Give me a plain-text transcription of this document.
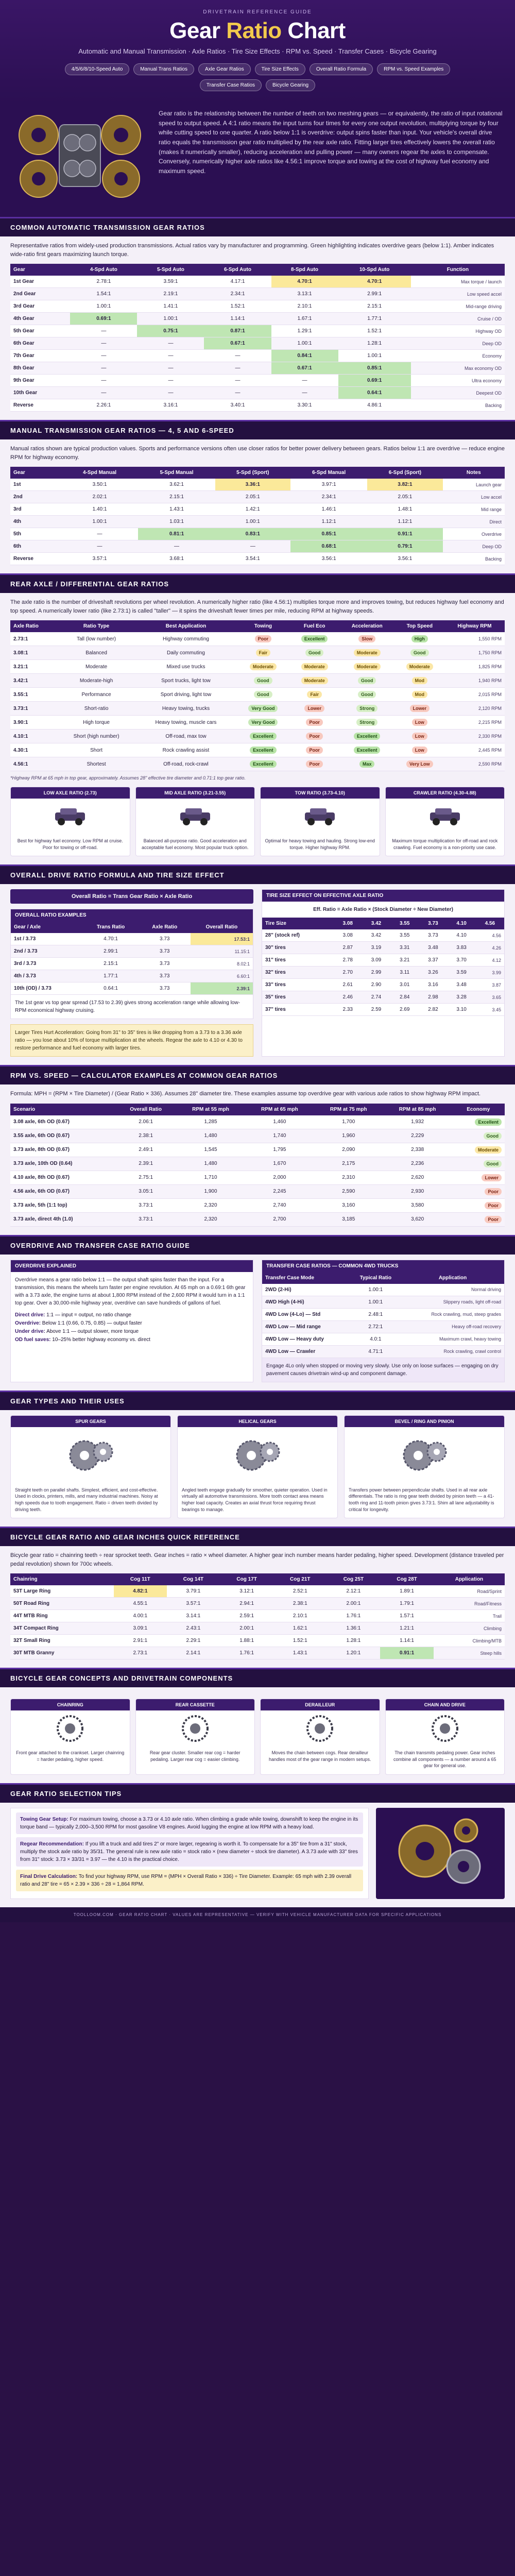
DRIVETRAIN REFERENCE GUIDE
Gear Ratio Chart
Automatic and Manual Transmission · Axle Ratios · Tire Size Effects · RPM vs. Speed · Transfer Cases · Bicycle Gearing
4/5/6/8/10-Speed Auto	Manual Trans Ratios	Axle Gear Ratios	Tire Size Effects	Overall Ratio Formula	RPM vs. Speed Examples
Transfer Case Ratios	Bicycle Gearing
Gear ratio is the relationship between the number of teeth on two meshing gears — or equivalently, the ratio of input rotational speed to output speed. A 4:1 ratio means the input turns four times for every one output revolution, multiplying torque by four while cutting speed to one quarter. A ratio below 1:1 is overdrive: output spins faster than input. Your vehicle's overall drive ratio equals the transmission gear ratio multiplied by the rear axle ratio. Fitting larger tires effectively lowers the overall ratio (makes it numerically smaller), reducing acceleration and pulling power — many owners regear the axles to compensate. Conversely, numerically higher axle ratios like 4.56:1 improve torque and towing at the cost of highway fuel economy and maximum speed.
COMMON AUTOMATIC TRANSMISSION GEAR RATIOS

Representative ratios from widely-used production transmissions. Actual ratios vary by manufacturer and programming. Green highlighting indicates overdrive gears (below 1:1). Amber indicates wide-ratio first gears maximizing launch torque.

Gear	4-Spd Auto	5-Spd Auto	6-Spd Auto	8-Spd Auto	10-Spd Auto	Function
1st Gear	2.78:1	3.59:1	4.17:1	4.70:1	4.70:1	Max torque / launch
2nd Gear	1.54:1	2.19:1	2.34:1	3.13:1	2.99:1	Low speed accel
3rd Gear	1.00:1	1.41:1	1.52:1	2.10:1	2.15:1	Mid-range driving
4th Gear	0.69:1	1.00:1	1.14:1	1.67:1	1.77:1	Cruise / OD
5th Gear	—	0.75:1	0.87:1	1.29:1	1.52:1	Highway OD
6th Gear	—	—	0.67:1	1.00:1	1.28:1	Deep OD
7th Gear	—	—	—	0.84:1	1.00:1	Economy
8th Gear	—	—	—	0.67:1	0.85:1	Max economy OD
9th Gear	—	—	—	—	0.69:1	Ultra economy
10th Gear	—	—	—	—	0.64:1	Deepest OD
Reverse	2.26:1	3.16:1	3.40:1	3.30:1	4.86:1	Backing
MANUAL TRANSMISSION GEAR RATIOS — 4, 5 AND 6-SPEED

Manual ratios shown are typical production values. Sports and performance versions often use closer ratios for better power delivery between gears. Ratios below 1:1 are overdrive — reduce engine RPM for highway economy.

Gear	4-Spd Manual	5-Spd Manual	5-Spd (Sport)	6-Spd Manual	6-Spd (Sport)	Notes
1st	3.50:1	3.62:1	3.36:1	3.97:1	3.82:1	Launch gear
2nd	2.02:1	2.15:1	2.05:1	2.34:1	2.05:1	Low accel
3rd	1.40:1	1.43:1	1.42:1	1.46:1	1.48:1	Mid range
4th	1.00:1	1.03:1	1.00:1	1.12:1	1.12:1	Direct
5th	—	0.81:1	0.83:1	0.85:1	0.91:1	Overdrive
6th	—	—	—	0.68:1	0.79:1	Deep OD
Reverse	3.57:1	3.68:1	3.54:1	3.56:1	3.56:1	Backing
REAR AXLE / DIFFERENTIAL GEAR RATIOS

The axle ratio is the number of driveshaft revolutions per wheel revolution. A numerically higher ratio (like 4.56:1) multiplies torque more and improves towing, but reduces highway fuel economy and top speed. A numerically lower ratio (like 2.73:1) is called "taller" — it spins the driveshaft fewer times per mile, reducing RPM at highway speeds.

Axle Ratio	Ratio Type	Best Application	Towing	Fuel Eco	Acceleration	Top Speed	Highway RPM
2.73:1	Tall (low number)	Highway commuting	Poor	Excellent	Slow	High	1,550 RPM
3.08:1	Balanced	Daily commuting	Fair	Good	Moderate	Good	1,750 RPM
3.21:1	Moderate	Mixed use trucks	Moderate	Moderate	Moderate	Moderate	1,825 RPM
3.42:1	Moderate-high	Sport trucks, light tow	Good	Moderate	Good	Mod	1,940 RPM
3.55:1	Performance	Sport driving, light tow	Good	Fair	Good	Mod	2,015 RPM
3.73:1	Short-ratio	Heavy towing, trucks	Very Good	Lower	Strong	Lower	2,120 RPM
3.90:1	High torque	Heavy towing, muscle cars	Very Good	Poor	Strong	Low	2,215 RPM
4.10:1	Short (high number)	Off-road, max tow	Excellent	Poor	Excellent	Low	2,330 RPM
4.30:1	Short	Rock crawling assist	Excellent	Poor	Excellent	Low	2,445 RPM
4.56:1	Shortest	Off-road, rock-crawl	Excellent	Poor	Max	Very Low	2,590 RPM

*Highway RPM at 65 mph in top gear, approximately. Assumes 28" effective tire diameter and 0.71:1 top gear ratio.

LOW AXLE RATIO (2.73)
Best for highway fuel economy. Low RPM at cruise. Poor for towing or off-road.
MID AXLE RATIO (3.21-3.55)
Balanced all-purpose ratio. Good acceleration and acceptable fuel economy. Most popular truck option.
TOW RATIO (3.73-4.10)
Optimal for heavy towing and hauling. Strong low-end torque. Higher highway RPM.
CRAWLER RATIO (4.30-4.88)
Maximum torque multiplication for off-road and rock crawling. Fuel economy is a non-priority use case.
OVERALL DRIVE RATIO FORMULA AND TIRE SIZE EFFECT
Overall Ratio = Trans Gear Ratio × Axle Ratio
OVERALL RATIO EXAMPLES
Gear / Axle	Trans Ratio	Axle Ratio	Overall Ratio
1st / 3.73	4.70:1	3.73	17.53:1
2nd / 3.73	2.99:1	3.73	11.15:1
3rd / 3.73	2.15:1	3.73	8.02:1
4th / 3.73	1.77:1	3.73	6.60:1
10th (OD) / 3.73	0.64:1	3.73	2.39:1

The 1st gear vs top gear spread (17.53 to 2.39) gives strong acceleration range while allowing low-RPM economical highway cruising.

Larger Tires Hurt Acceleration: Going from 31" to 35" tires is like dropping from a 3.73 to a 3.36 axle ratio — you lose about 10% of torque multiplication at the wheels. Regear the axle to 4.10 or 4.30 to restore performance and fuel economy with larger tires.
TIRE SIZE EFFECT ON EFFECTIVE AXLE RATIO
Eff. Ratio = Axle Ratio × (Stock Diameter ÷ New Diameter)
Tire Size	3.08	3.42	3.55	3.73	4.10	4.56
28" (stock ref)	3.08	3.42	3.55	3.73	4.10	4.56
30" tires	2.87	3.19	3.31	3.48	3.83	4.26
31" tires	2.78	3.09	3.21	3.37	3.70	4.12
32" tires	2.70	2.99	3.11	3.26	3.59	3.99
33" tires	2.61	2.90	3.01	3.16	3.48	3.87
35" tires	2.46	2.74	2.84	2.98	3.28	3.65
37" tires	2.33	2.59	2.69	2.82	3.10	3.45
RPM VS. SPEED — CALCULATOR EXAMPLES AT COMMON GEAR RATIOS

Formula: MPH = (RPM × Tire Diameter) / (Gear Ratio × 336). Assumes 28" diameter tire. These examples assume top overdrive gear with various axle ratios to show highway RPM impact.

Scenario	Overall Ratio	RPM at 55 mph	RPM at 65 mph	RPM at 75 mph	RPM at 85 mph	Economy
3.08 axle, 6th OD (0.67)	2.06:1	1,285	1,460	1,700	1,932	Excellent
3.55 axle, 6th OD (0.67)	2.38:1	1,480	1,740	1,960	2,229	Good
3.73 axle, 8th OD (0.67)	2.49:1	1,545	1,795	2,090	2,338	Moderate
3.73 axle, 10th OD (0.64)	2.39:1	1,480	1,670	2,175	2,236	Good
4.10 axle, 8th OD (0.67)	2.75:1	1,710	2,000	2,310	2,620	Lower
4.56 axle, 6th OD (0.67)	3.05:1	1,900	2,245	2,590	2,930	Poor
3.73 axle, 5th (1:1 top)	3.73:1	2,320	2,740	3,160	3,580	Poor
3.73 axle, direct 4th (1.0)	3.73:1	2,320	2,700	3,185	3,620	Poor
OVERDRIVE AND TRANSFER CASE RATIO GUIDE
OVERDRIVE EXPLAINED

Overdrive means a gear ratio below 1:1 — the output shaft spins faster than the input. For a transmission, this means the wheels turn faster per engine revolution. At 65 mph on a 0.69:1 6th gear with a 3.73 axle, the engine turns at about 1,800 RPM instead of the 2,600 RPM it would turn in a 1:1 top gear. Over a 30,000-mile highway year, overdrive can save hundreds of gallons of fuel.

Direct drive: 1:1 — input = output, no ratio change
Overdrive: Below 1:1 (0.66, 0.75, 0.85) — output faster
Under drive: Above 1:1 — output slower, more torque
OD fuel saves: 10–25% better highway economy vs. direct
TRANSFER CASE RATIOS — COMMON 4WD TRUCKS
Transfer Case Mode	Typical Ratio	Application
2WD (2-Hi)	1.00:1	Normal driving
4WD High (4-Hi)	1.00:1	Slippery roads, light off-road
4WD Low (4-Lo) — Std	2.48:1	Rock crawling, mud, steep grades
4WD Low — Mid range	2.72:1	Heavy off-road recovery
4WD Low — Heavy duty	4.0:1	Maximum crawl, heavy towing
4WD Low — Crawler	4.71:1	Rock crawling, crawl control

Engage 4Lo only when stopped or moving very slowly. Use only on loose surfaces — engaging on dry pavement causes drivetrain wind-up and component damage.

GEAR TYPES AND THEIR USES
SPUR GEARS
Straight teeth on parallel shafts. Simplest, efficient, and cost-effective. Used in clocks, printers, mills, and many industrial machines. Noisy at high speeds due to tooth engagement. Ratio = driven teeth divided by driving teeth.
HELICAL GEARS
Angled teeth engage gradually for smoother, quieter operation. Used in virtually all automotive transmissions. More tooth contact area means higher load capacity. Creates an axial thrust force requiring thrust bearings to manage.
BEVEL / RING AND PINION
Transfers power between perpendicular shafts. Used in all rear axle differentials. The ratio is ring gear teeth divided by pinion teeth — a 41-tooth ring and 11-tooth pinion gives 3.73:1. Shim all lane adjustability is critical for longevity.
BICYCLE GEAR RATIO AND GEAR INCHES QUICK REFERENCE

Bicycle gear ratio = chainring teeth ÷ rear sprocket teeth. Gear inches = ratio × wheel diameter. A higher gear inch number means harder pedaling, higher speed. Development (distance traveled per pedal revolution) shown for 700c wheels.

Chainring	Cog 11T	Cog 14T	Cog 17T	Cog 21T	Cog 25T	Cog 28T	Application
53T Large Ring	4.82:1	3.79:1	3.12:1	2.52:1	2.12:1	1.89:1	Road/Sprint
50T Road Ring	4.55:1	3.57:1	2.94:1	2.38:1	2.00:1	1.79:1	Road/Fitness
44T MTB Ring	4.00:1	3.14:1	2.59:1	2.10:1	1.76:1	1.57:1	Trail
34T Compact Ring	3.09:1	2.43:1	2.00:1	1.62:1	1.36:1	1.21:1	Climbing
32T Small Ring	2.91:1	2.29:1	1.88:1	1.52:1	1.28:1	1.14:1	Climbing/MTB
30T MTB Granny	2.73:1	2.14:1	1.76:1	1.43:1	1.20:1	0.91:1	Steep hills
BICYCLE GEAR CONCEPTS AND DRIVETRAIN COMPONENTS
CHAINRING
Front gear attached to the crankset. Larger chainring = harder pedaling, higher speed.
REAR CASSETTE
Rear gear cluster. Smaller rear cog = harder pedaling. Larger rear cog = easier climbing.
DERAILLEUR
Moves the chain between cogs. Rear derailleur handles most of the gear range in modern setups.
CHAIN AND DRIVE
The chain transmits pedaling power. Gear inches combine all components — a number around a 65 gear for general use.
GEAR RATIO SELECTION TIPS
Towing Gear Setup: For maximum towing, choose a 3.73 or 4.10 axle ratio. When climbing a grade while towing, downshift to keep the engine in its torque band — typically 2,000–3,500 RPM for most gasoline V8 engines. Avoid lugging the engine at low RPM with a heavy load.
Regear Recommendation: If you lift a truck and add tires 2" or more larger, regearing is worth it. To compensate for a 35" tire from a 31" stock, multiply the stock axle ratio by 35/31. The general rule is new axle ratio = stock ratio × (new diameter ÷ stock tire diameter). A 3.73 axle with 33" tires from 31" stock: 3.73 × 33/31 = 3.97 — the 4.10 is the practical choice.
Final Drive Calculation: To find your highway RPM, use RPM = (MPH × Overall Ratio × 336) ÷ Tire Diameter. Example: 65 mph with 2.39 overall ratio and 28" tire = 65 × 2.39 × 336 ÷ 28 = 1,864 RPM.
TOOLLOOM.COM · GEAR RATIO CHART · VALUES ARE REPRESENTATIVE — VERIFY WITH VEHICLE MANUFACTURER DATA FOR SPECIFIC APPLICATIONS
